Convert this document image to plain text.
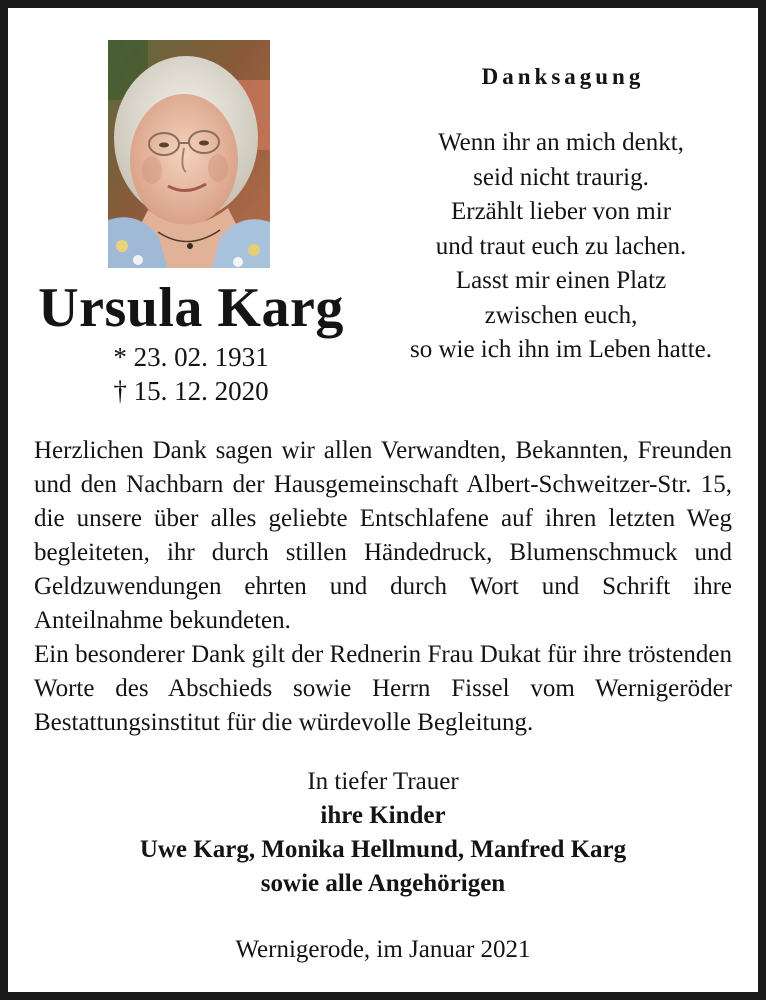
Danksagung
Wenn ihr an mich denkt,
seid nicht traurig.
Erzählt lieber von mir
und traut euch zu lachen.
Lasst mir einen Platz
zwischen euch,
so wie ich ihn im Leben hatte.
Ursula Karg
* 23. 02. 1931
† 15. 12. 2020

Herzlichen Dank sagen wir allen Verwandten, Bekannten, Freunden und den Nachbarn der Hausgemeinschaft Albert-Schweitzer-Str. 15, die unsere über alles geliebte Entschlafene auf ihren letzten Weg begleiteten, ihr durch stillen Händedruck, Blumenschmuck und Geldzuwendungen ehrten und durch Wort und Schrift ihre Anteilnahme bekundeten.

Ein besonderer Dank gilt der Rednerin Frau Dukat für ihre tröstenden Worte des Abschieds sowie Herrn Fissel vom Wernigeröder Bestattungsinstitut für die würdevolle Begleitung.

In tiefer Trauer
ihre Kinder
Uwe Karg, Monika Hellmund, Manfred Karg
sowie alle Angehörigen
Wernigerode, im Januar 2021
